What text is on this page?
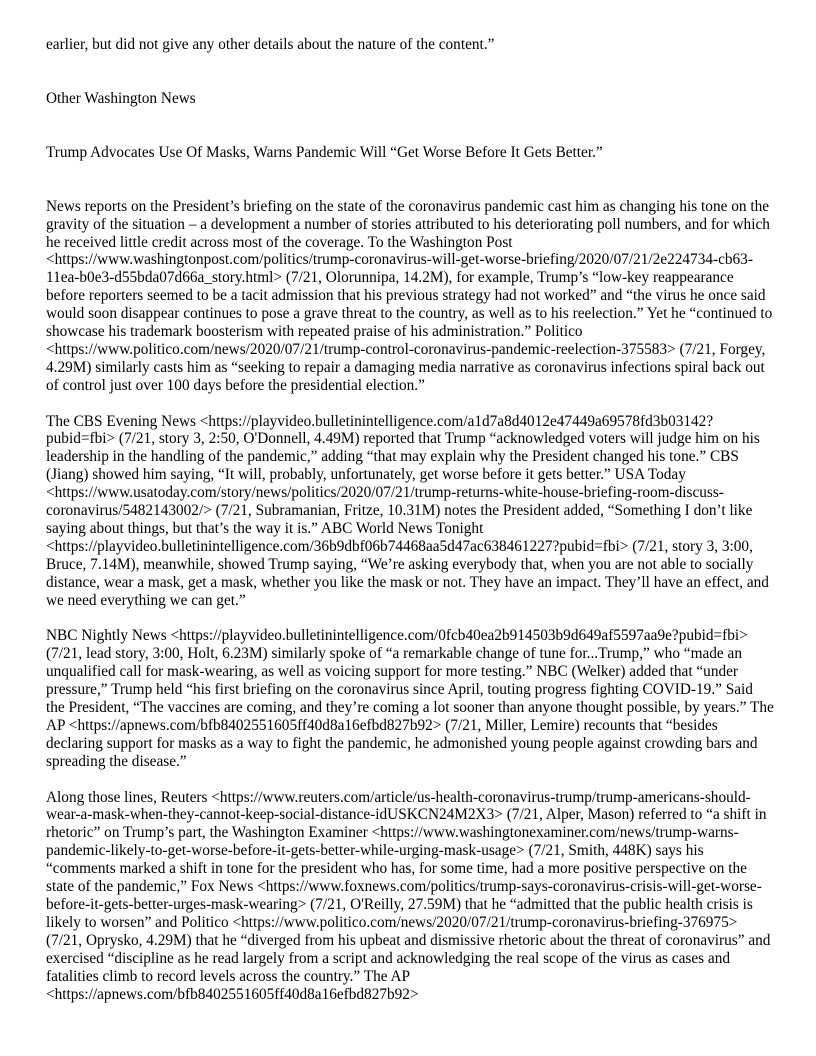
earlier, but did not give any other details about the nature of the content.”

Other Washington News

Trump Advocates Use Of Masks, Warns Pandemic Will “Get Worse Before It Gets Better.”

News reports on the President’s briefing on the state of the coronavirus pandemic cast him as changing his tone on the gravity of the situation – a development a number of stories attributed to his deteriorating poll numbers, and for which he received little credit across most of the coverage. To the Washington Post <https://www.washingtonpost.com/politics/trump-coronavirus-will-get-worse-briefing/2020/07/21/2e224734-cb63-11ea-b0e3-d55bda07d66a_story.html> (7/21, Olorunnipa, 14.2M), for example, Trump’s “low-key reappearance before reporters seemed to be a tacit admission that his previous strategy had not worked” and “the virus he once said would soon disappear continues to pose a grave threat to the country, as well as to his reelection.” Yet he “continued to showcase his trademark boosterism with repeated praise of his administration.” Politico <https://www.politico.com/news/2020/07/21/trump-control-coronavirus-pandemic-reelection-375583> (7/21, Forgey, 4.29M) similarly casts him as “seeking to repair a damaging media narrative as coronavirus infections spiral back out of control just over 100 days before the presidential election.”

The CBS Evening News <https://playvideo.bulletinintelligence.com/a1d7a8d4012e47449a69578fd3b03142?pubid=fbi> (7/21, story 3, 2:50, O'Donnell, 4.49M) reported that Trump “acknowledged voters will judge him on his leadership in the handling of the pandemic,” adding “that may explain why the President changed his tone.” CBS (Jiang) showed him saying, “It will, probably, unfortunately, get worse before it gets better.” USA Today <https://www.usatoday.com/story/news/politics/2020/07/21/trump-returns-white-house-briefing-room-discuss-coronavirus/5482143002/> (7/21, Subramanian, Fritze, 10.31M) notes the President added, “Something I don’t like saying about things, but that’s the way it is.” ABC World News Tonight <https://playvideo.bulletinintelligence.com/36b9dbf06b74468aa5d47ac638461227?pubid=fbi> (7/21, story 3, 3:00, Bruce, 7.14M), meanwhile, showed Trump saying, “We’re asking everybody that, when you are not able to socially distance, wear a mask, get a mask, whether you like the mask or not. They have an impact. They’ll have an effect, and we need everything we can get.”

NBC Nightly News <https://playvideo.bulletinintelligence.com/0fcb40ea2b914503b9d649af5597aa9e?pubid=fbi> (7/21, lead story, 3:00, Holt, 6.23M) similarly spoke of “a remarkable change of tune for...Trump,” who “made an unqualified call for mask-wearing, as well as voicing support for more testing.” NBC (Welker) added that “under pressure,” Trump held “his first briefing on the coronavirus since April, touting progress fighting COVID-19.” Said the President, “The vaccines are coming, and they’re coming a lot sooner than anyone thought possible, by years.” The AP <https://apnews.com/bfb8402551605ff40d8a16efbd827b92> (7/21, Miller, Lemire) recounts that “besides declaring support for masks as a way to fight the pandemic, he admonished young people against crowding bars and spreading the disease.”

Along those lines, Reuters <https://www.reuters.com/article/us-health-coronavirus-trump/trump-americans-should-wear-a-mask-when-they-cannot-keep-social-distance-idUSKCN24M2X3> (7/21, Alper, Mason) referred to “a shift in rhetoric” on Trump’s part, the Washington Examiner <https://www.washingtonexaminer.com/news/trump-warns-pandemic-likely-to-get-worse-before-it-gets-better-while-urging-mask-usage> (7/21, Smith, 448K) says his “comments marked a shift in tone for the president who has, for some time, had a more positive perspective on the state of the pandemic,” Fox News <https://www.foxnews.com/politics/trump-says-coronavirus-crisis-will-get-worse-before-it-gets-better-urges-mask-wearing> (7/21, O'Reilly, 27.59M) that he “admitted that the public health crisis is likely to worsen” and Politico <https://www.politico.com/news/2020/07/21/trump-coronavirus-briefing-376975> (7/21, Oprysko, 4.29M) that he “diverged from his upbeat and dismissive rhetoric about the threat of coronavirus” and exercised “discipline as he read largely from a script and acknowledging the real scope of the virus as cases and fatalities climb to record levels across the country.” The AP <https://apnews.com/bfb8402551605ff40d8a16efbd827b92>
